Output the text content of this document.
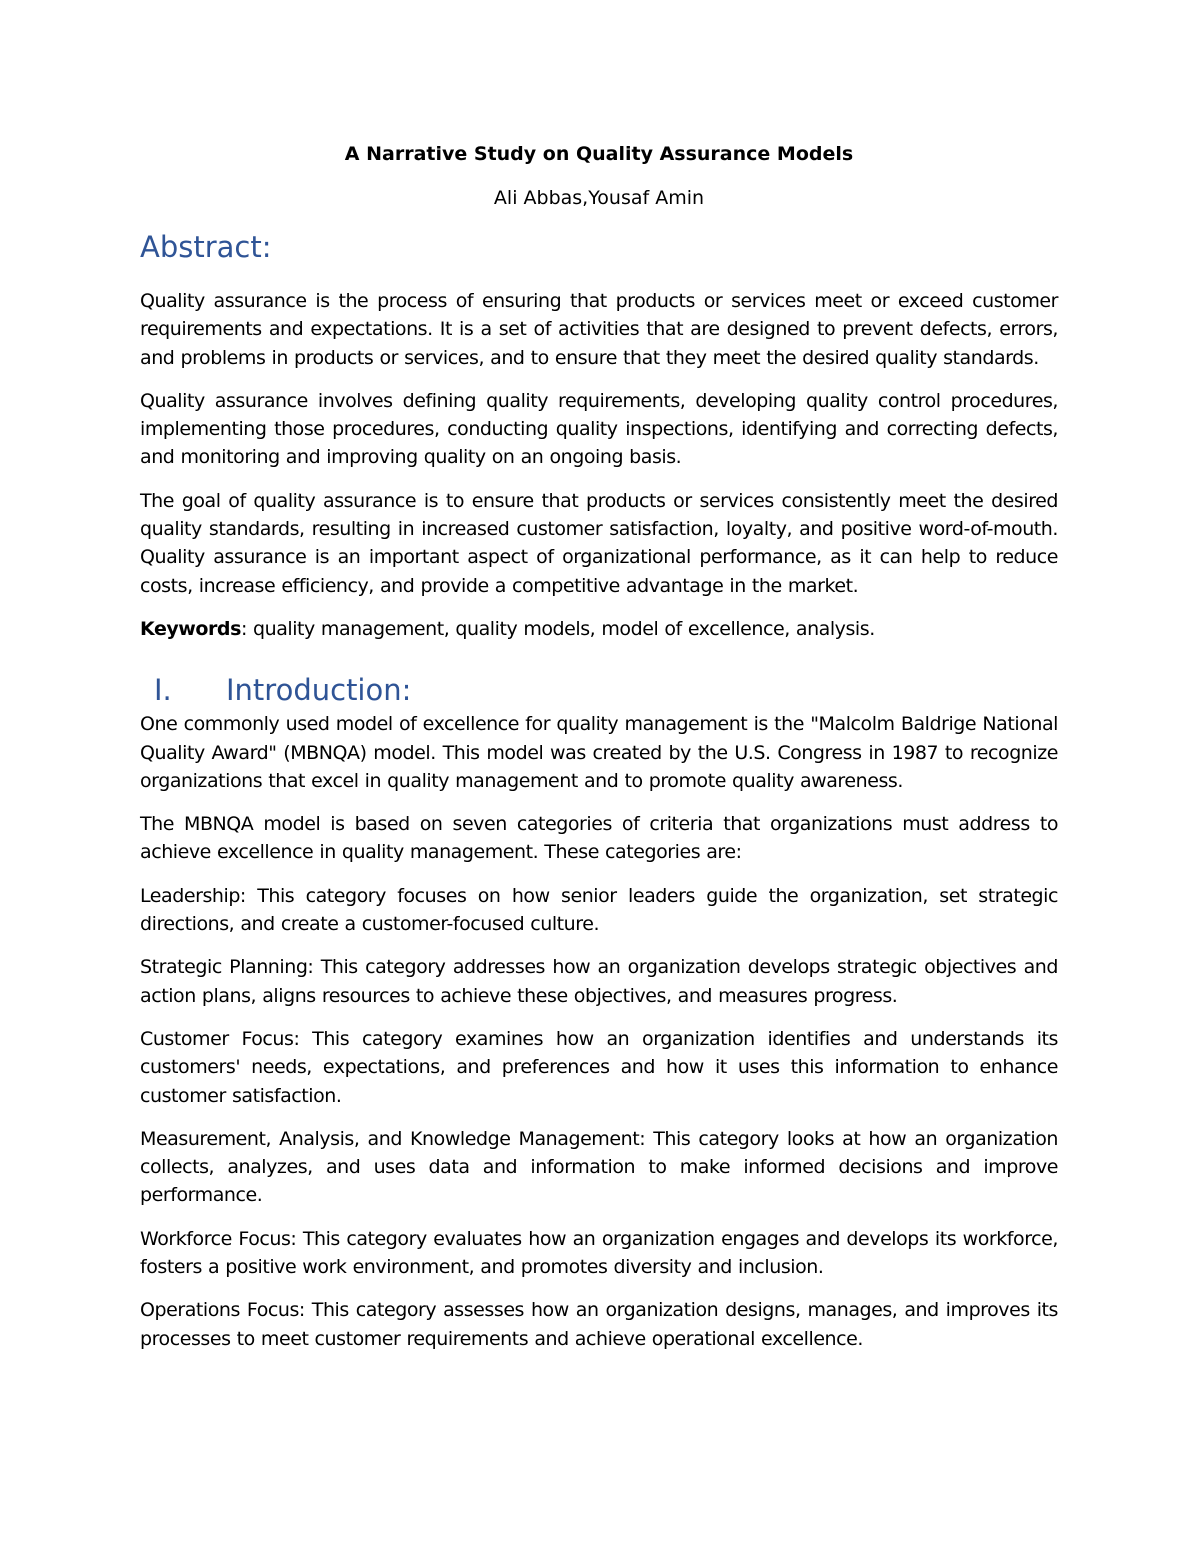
A Narrative Study on Quality Assurance Models

Ali Abbas,Yousaf Amin

Abstract:

Quality assurance is the process of ensuring that products or services meet or exceed customer requirements and expectations. It is a set of activities that are designed to prevent defects, errors, and problems in products or services, and to ensure that they meet the desired quality standards.

Quality assurance involves defining quality requirements, developing quality control procedures, implementing those procedures, conducting quality inspections, identifying and correcting defects, and monitoring and improving quality on an ongoing basis.

The goal of quality assurance is to ensure that products or services consistently meet the desired quality standards, resulting in increased customer satisfaction, loyalty, and positive word-of-mouth. Quality assurance is an important aspect of organizational performance, as it can help to reduce costs, increase efficiency, and provide a competitive advantage in the market.

Keywords: quality management, quality models, model of excellence, analysis.

I.	Introduction:

One commonly used model of excellence for quality management is the "Malcolm Baldrige National Quality Award" (MBNQA) model. This model was created by the U.S. Congress in 1987 to recognize organizations that excel in quality management and to promote quality awareness.

The MBNQA model is based on seven categories of criteria that organizations must address to achieve excellence in quality management. These categories are:

Leadership: This category focuses on how senior leaders guide the organization, set strategic directions, and create a customer-focused culture.

Strategic Planning: This category addresses how an organization develops strategic objectives and action plans, aligns resources to achieve these objectives, and measures progress.

Customer Focus: This category examines how an organization identifies and understands its customers' needs, expectations, and preferences and how it uses this information to enhance customer satisfaction.

Measurement, Analysis, and Knowledge Management: This category looks at how an organization collects, analyzes, and uses data and information to make informed decisions and improve performance.

Workforce Focus: This category evaluates how an organization engages and develops its workforce, fosters a positive work environment, and promotes diversity and inclusion.

Operations Focus: This category assesses how an organization designs, manages, and improves its processes to meet customer requirements and achieve operational excellence.
